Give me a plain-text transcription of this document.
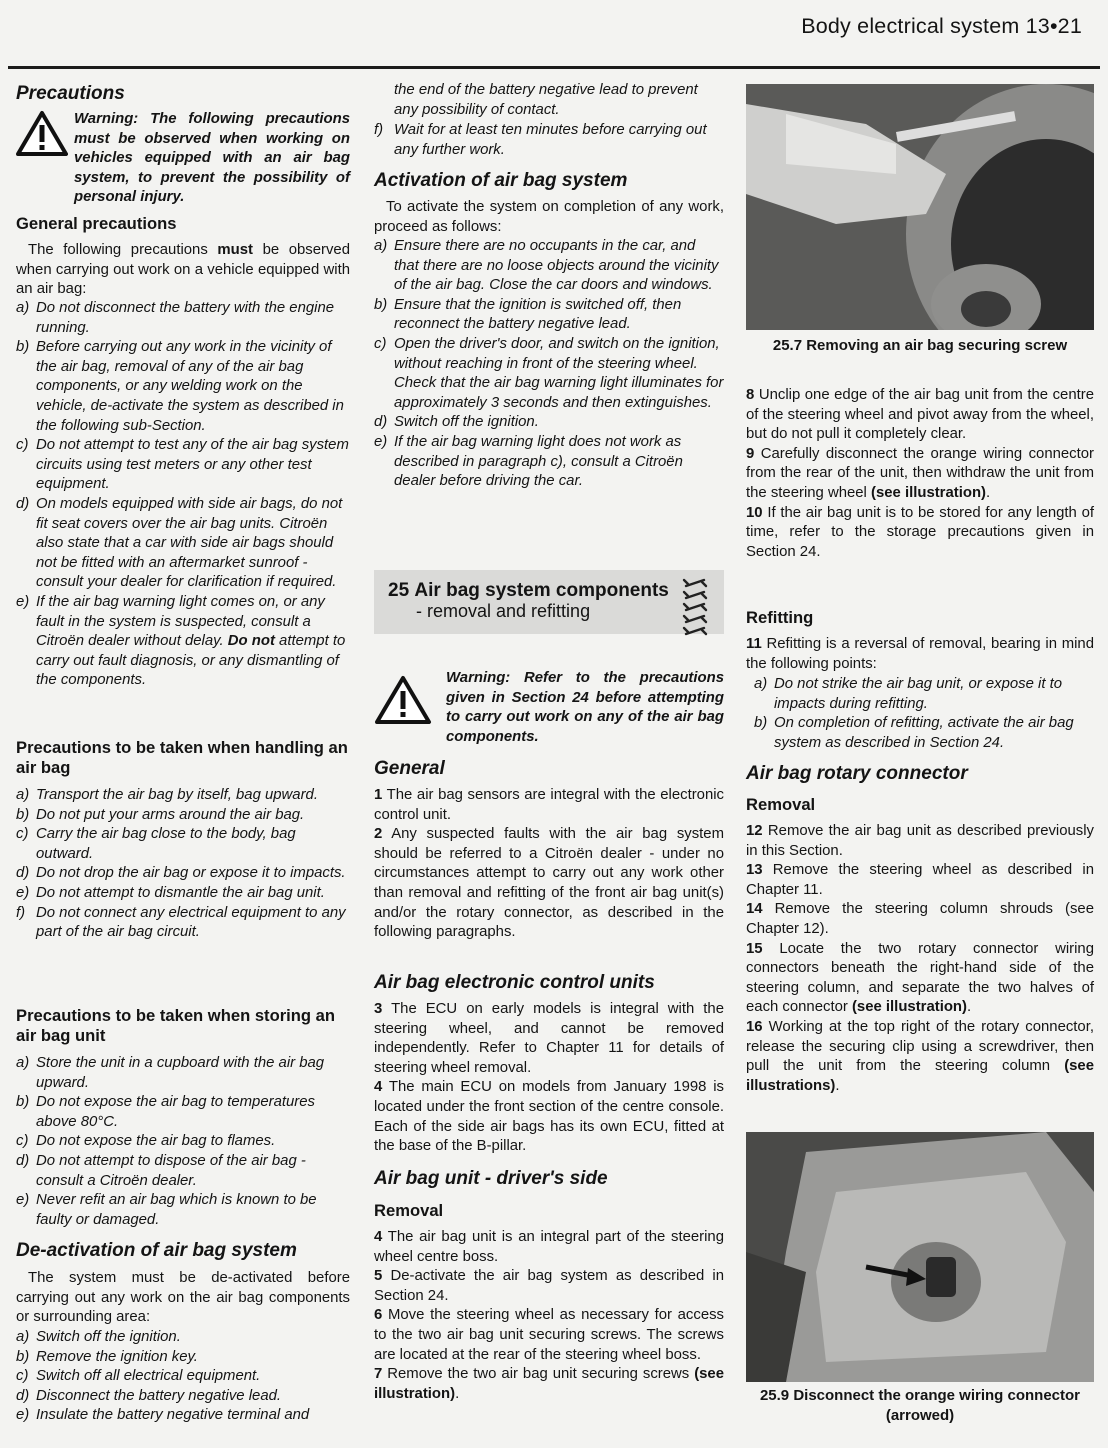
Body electrical system 13•21
Precautions
Warning: The following precautions must be observed when working on vehicles equipped with an air bag system, to prevent the possibility of personal injury.
General precautions
The following precautions must be observed when carrying out work on a vehicle equipped with an air bag:
a) Do not disconnect the battery with the engine running.
b) Before carrying out any work in the vicinity of the air bag, removal of any of the air bag components, or any welding work on the vehicle, de-activate the system as described in the following sub-Section.
c) Do not attempt to test any of the air bag system circuits using test meters or any other test equipment.
d) On models equipped with side air bags, do not fit seat covers over the air bag units. Citroën also state that a car with side air bags should not be fitted with an aftermarket sunroof - consult your dealer for clarification if required.
e) If the air bag warning light comes on, or any fault in the system is suspected, consult a Citroën dealer without delay. Do not attempt to carry out fault diagnosis, or any dismantling of the components.
Precautions to be taken when handling an air bag
a) Transport the air bag by itself, bag upward.
b) Do not put your arms around the air bag.
c) Carry the air bag close to the body, bag outward.
d) Do not drop the air bag or expose it to impacts.
e) Do not attempt to dismantle the air bag unit.
f) Do not connect any electrical equipment to any part of the air bag circuit.
Precautions to be taken when storing an air bag unit
a) Store the unit in a cupboard with the air bag upward.
b) Do not expose the air bag to temperatures above 80°C.
c) Do not expose the air bag to flames.
d) Do not attempt to dispose of the air bag - consult a Citroën dealer.
e) Never refit an air bag which is known to be faulty or damaged.
De-activation of air bag system
The system must be de-activated before carrying out any work on the air bag components or surrounding area:
a) Switch off the ignition.
b) Remove the ignition key.
c) Switch off all electrical equipment.
d) Disconnect the battery negative lead.
e) Insulate the battery negative terminal and
the end of the battery negative lead to prevent any possibility of contact.
f) Wait for at least ten minutes before carrying out any further work.
Activation of air bag system
To activate the system on completion of any work, proceed as follows:
a) Ensure there are no occupants in the car, and that there are no loose objects around the vicinity of the air bag. Close the car doors and windows.
b) Ensure that the ignition is switched off, then reconnect the battery negative lead.
c) Open the driver's door, and switch on the ignition, without reaching in front of the steering wheel. Check that the air bag warning light illuminates for approximately 3 seconds and then extinguishes.
d) Switch off the ignition.
e) If the air bag warning light does not work as described in paragraph c), consult a Citroën dealer before driving the car.
25 Air bag system components
- removal and refitting
Warning: Refer to the precautions given in Section 24 before attempting to carry out work on any of the air bag components.
General
1 The air bag sensors are integral with the electronic control unit.
2 Any suspected faults with the air bag system should be referred to a Citroën dealer - under no circumstances attempt to carry out any work other than removal and refitting of the front air bag unit(s) and/or the rotary connector, as described in the following paragraphs.
Air bag electronic control units
3 The ECU on early models is integral with the steering wheel, and cannot be removed independently. Refer to Chapter 11 for details of steering wheel removal.
4 The main ECU on models from January 1998 is located under the front section of the centre console. Each of the side air bags has its own ECU, fitted at the base of the B-pillar.
Air bag unit - driver's side
Removal
4 The air bag unit is an integral part of the steering wheel centre boss.
5 De-activate the air bag system as described in Section 24.
6 Move the steering wheel as necessary for access to the two air bag unit securing screws. The screws are located at the rear of the steering wheel boss.
7 Remove the two air bag unit securing screws (see illustration).
25.7 Removing an air bag securing screw
8 Unclip one edge of the air bag unit from the centre of the steering wheel and pivot away from the wheel, but do not pull it completely clear.
9 Carefully disconnect the orange wiring connector from the rear of the unit, then withdraw the unit from the steering wheel (see illustration).
10 If the air bag unit is to be stored for any length of time, refer to the storage precautions given in Section 24.
Refitting
11 Refitting is a reversal of removal, bearing in mind the following points:
a) Do not strike the air bag unit, or expose it to impacts during refitting.
b) On completion of refitting, activate the air bag system as described in Section 24.
Air bag rotary connector
Removal
12 Remove the air bag unit as described previously in this Section.
13 Remove the steering wheel as described in Chapter 11.
14 Remove the steering column shrouds (see Chapter 12).
15 Locate the two rotary connector wiring connectors beneath the right-hand side of the steering column, and separate the two halves of each connector (see illustration).
16 Working at the top right of the rotary connector, release the securing clip using a screwdriver, then pull the unit from the steering column (see illustrations).
25.9 Disconnect the orange wiring connector (arrowed)
